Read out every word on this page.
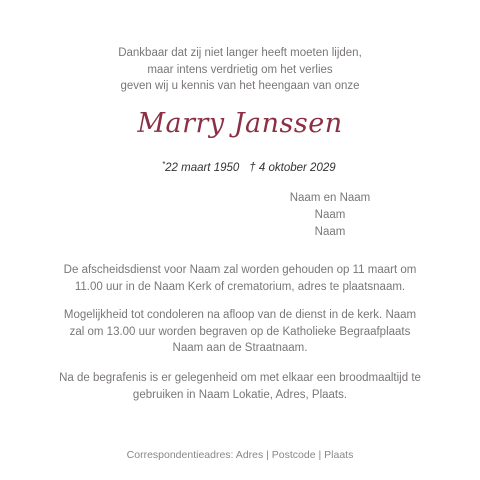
Dankbaar dat zij niet langer heeft moeten lijden,
maar intens verdrietig om het verlies
geven wij u kennis van het heengaan van onze
Marry Janssen
*22 maart 1950 † 4 oktober 2029
Naam en Naam
Naam
Naam
De afscheidsdienst voor Naam zal worden gehouden op 11 maart om
11.00 uur in de Naam Kerk of crematorium, adres te plaatsnaam.
Mogelijkheid tot condoleren na afloop van de dienst in de kerk. Naam
zal om 13.00 uur worden begraven op de Katholieke Begraafplaats
Naam aan de Straatnaam.
Na de begrafenis is er gelegenheid om met elkaar een broodmaaltijd te
gebruiken in Naam Lokatie, Adres, Plaats.
Correspondentieadres: Adres | Postcode | Plaats
